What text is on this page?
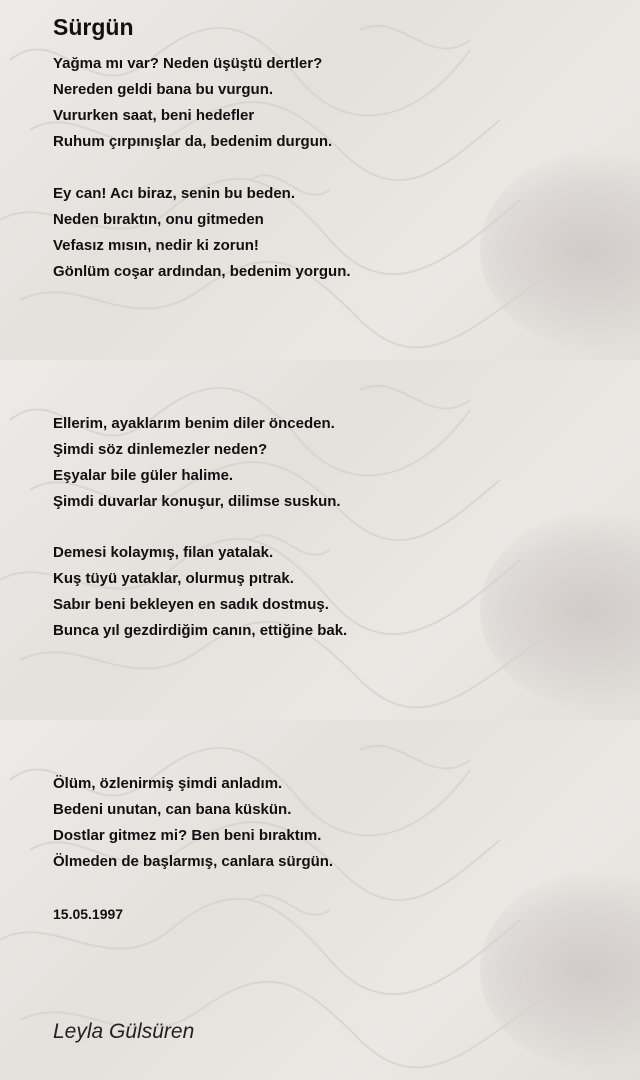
Sürgün

Yağma mı var? Neden üşüştü dertler?
Nereden geldi bana bu vurgun.
Vururken saat, beni hedefler
Ruhum çırpınışlar da, bedenim durgun.

Ey can! Acı biraz, senin bu beden.
Neden bıraktın, onu gitmeden
Vefasız mısın, nedir ki zorun!
Gönlüm coşar ardından, bedenim yorgun.

Ellerim, ayaklarım benim diler önceden.
Şimdi söz dinlemezler neden?
Eşyalar bile güler halime.
Şimdi duvarlar konuşur, dilimse suskun.

Demesi kolaymış, filan yatalak.
Kuş tüyü yataklar, olurmuş pıtrak.
Sabır beni bekleyen en sadık dostmuş.
Bunca yıl gezdirdiğim canın, ettiğine bak.

Ölüm, özlenirmiş şimdi anladım.
Bedeni unutan, can bana küskün.
Dostlar gitmez mi? Ben beni bıraktım.
Ölmeden de başlarmış, canlara sürgün.

15.05.1997
Leyla Gülsüren
